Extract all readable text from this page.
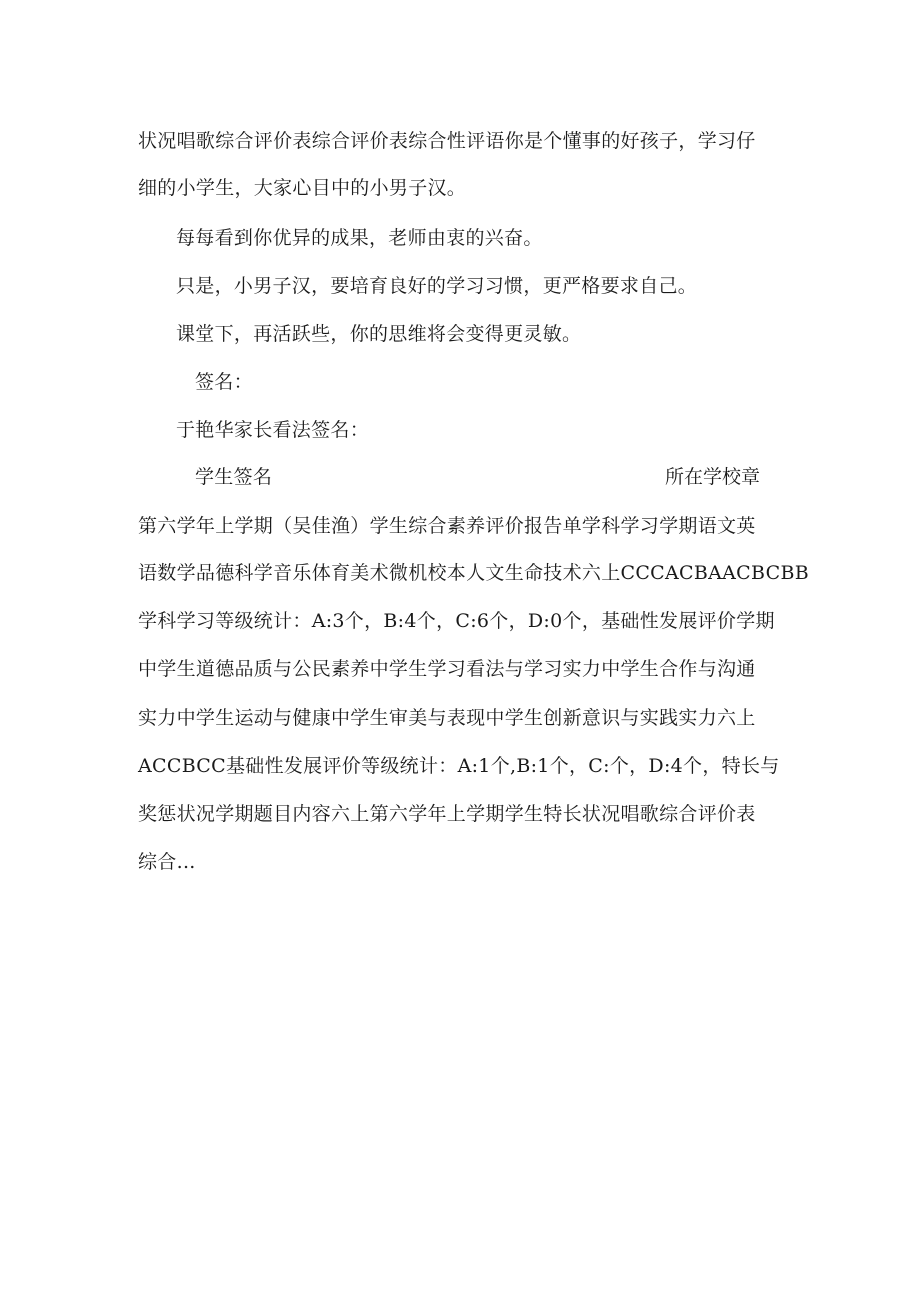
状况唱歌综合评价表综合评价表综合性评语你是个懂事的好孩子，学习仔
细的小学生，大家心目中的小男子汉。
每每看到你优异的成果，老师由衷的兴奋。
只是，小男子汉，要培育良好的学习习惯，更严格要求自己。
课堂下，再活跃些，你的思维将会变得更灵敏。
签名：
于艳华家长看法签名：
学生签名	所在学校章
第六学年上学期（吴佳渔）学生综合素养评价报告单学科学习学期语文英
语数学品德科学音乐体育美术微机校本人文生命技术六上CCCACBAACBCBB
学科学习等级统计：A:3个，B:4个，C:6个，D:0个，基础性发展评价学期
中学生道德品质与公民素养中学生学习看法与学习实力中学生合作与沟通
实力中学生运动与健康中学生审美与表现中学生创新意识与实践实力六上
ACCBCC基础性发展评价等级统计：A:1个,B:1个，C:个，D:4个，特长与
奖惩状况学期题目内容六上第六学年上学期学生特长状况唱歌综合评价表
综合...
